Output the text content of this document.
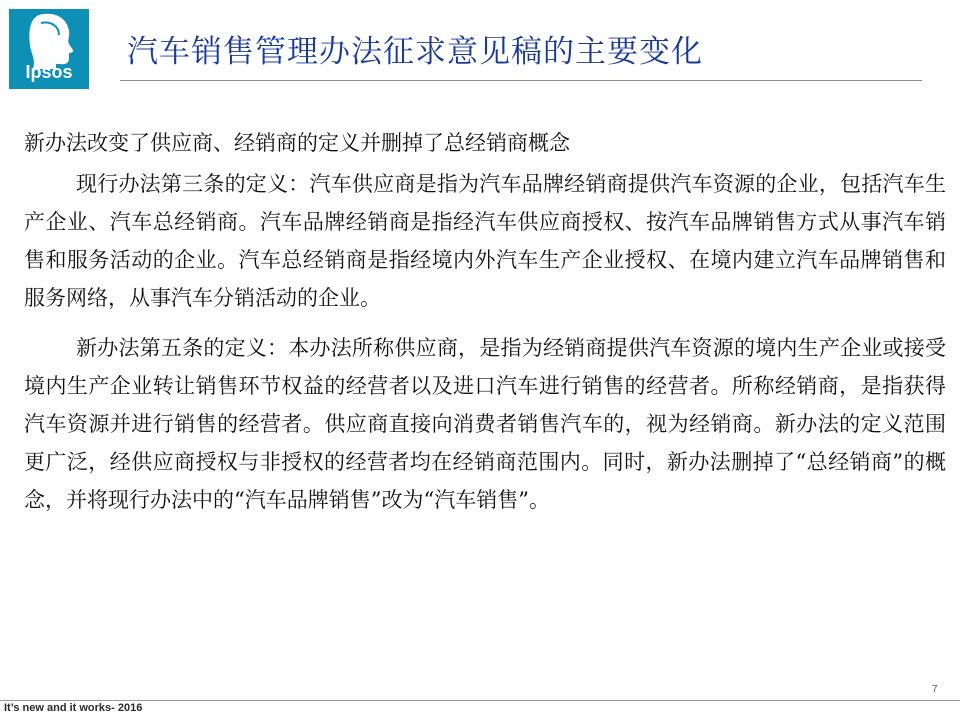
Ipsos
汽车销售管理办法征求意见稿的主要变化

新办法改变了供应商、经销商的定义并删掉了总经销商概念

现行办法第三条的定义：汽车供应商是指为汽车品牌经销商提供汽车资源的企业，包括汽车生产企业、汽车总经销商。汽车品牌经销商是指经汽车供应商授权、按汽车品牌销售方式从事汽车销售和服务活动的企业。汽车总经销商是指经境内外汽车生产企业授权、在境内建立汽车品牌销售和服务网络，从事汽车分销活动的企业。

新办法第五条的定义：本办法所称供应商，是指为经销商提供汽车资源的境内生产企业或接受境内生产企业转让销售环节权益的经营者以及进口汽车进行销售的经营者。所称经销商，是指获得汽车资源并进行销售的经营者。供应商直接向消费者销售汽车的，视为经销商。新办法的定义范围更广泛，经供应商授权与非授权的经营者均在经销商范围内。同时，新办法删掉了“总经销商”的概念，并将现行办法中的“汽车品牌销售”改为“汽车销售”。

7
It’s new and it works- 2016
